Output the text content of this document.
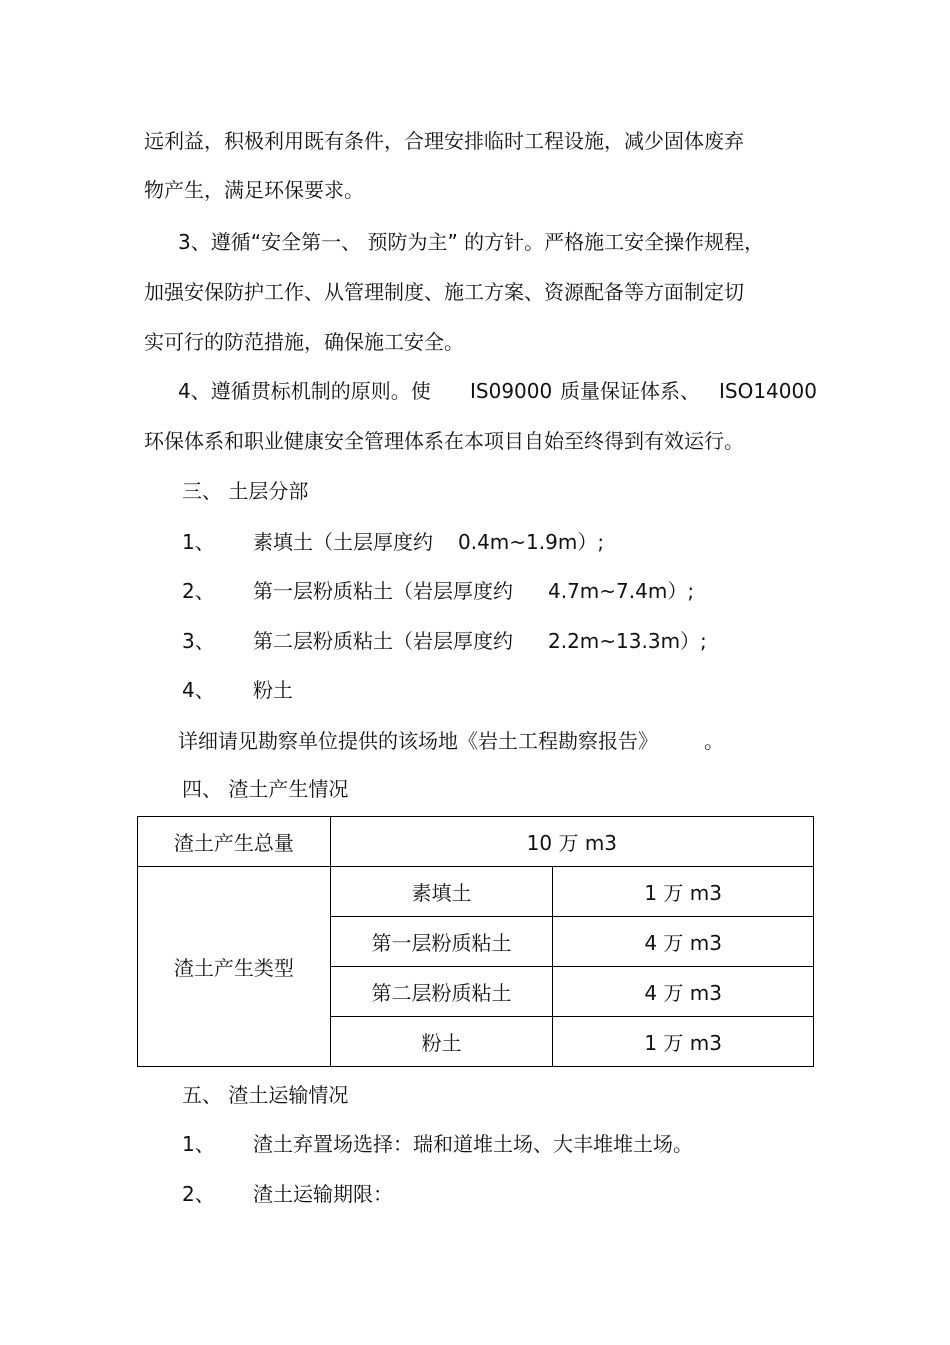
远利益，积极利用既有条件，合理安排临时工程设施，减少固体废弃
物产生，满足环保要求。
3、遵循“安全第一、 预防为主” 的方针。严格施工安全操作规程，
加强安保防护工作、从管理制度、施工方案、资源配备等方面制定切
实可行的防范措施，确保施工安全。
4、遵循贯标机制的原则。使 IS09000 质量保证体系、 ISO14000
环保体系和职业健康安全管理体系在本项目自始至终得到有效运行。
三、 土层分部
1、 素填土（土层厚度约 0.4m~1.9m）;
2、 第一层粉质粘土（岩层厚度约 4.7m~7.4m）;
3、 第二层粉质粘土（岩层厚度约 2.2m~13.3m）;
4、 粉土
详细请见勘察单位提供的该场地《岩土工程勘察报告》 。
四、 渣土产生情况
渣土产生总量	10 万 m3	
渣土产生类型	素填土	1 万 m3
	第一层粉质粘土	4 万 m3
	第二层粉质粘土	4 万 m3
	粉土	1 万 m3
五、 渣土运输情况
1、 渣土弃置场选择：瑞和道堆土场、大丰堆堆土场。
2、 渣土运输期限：
